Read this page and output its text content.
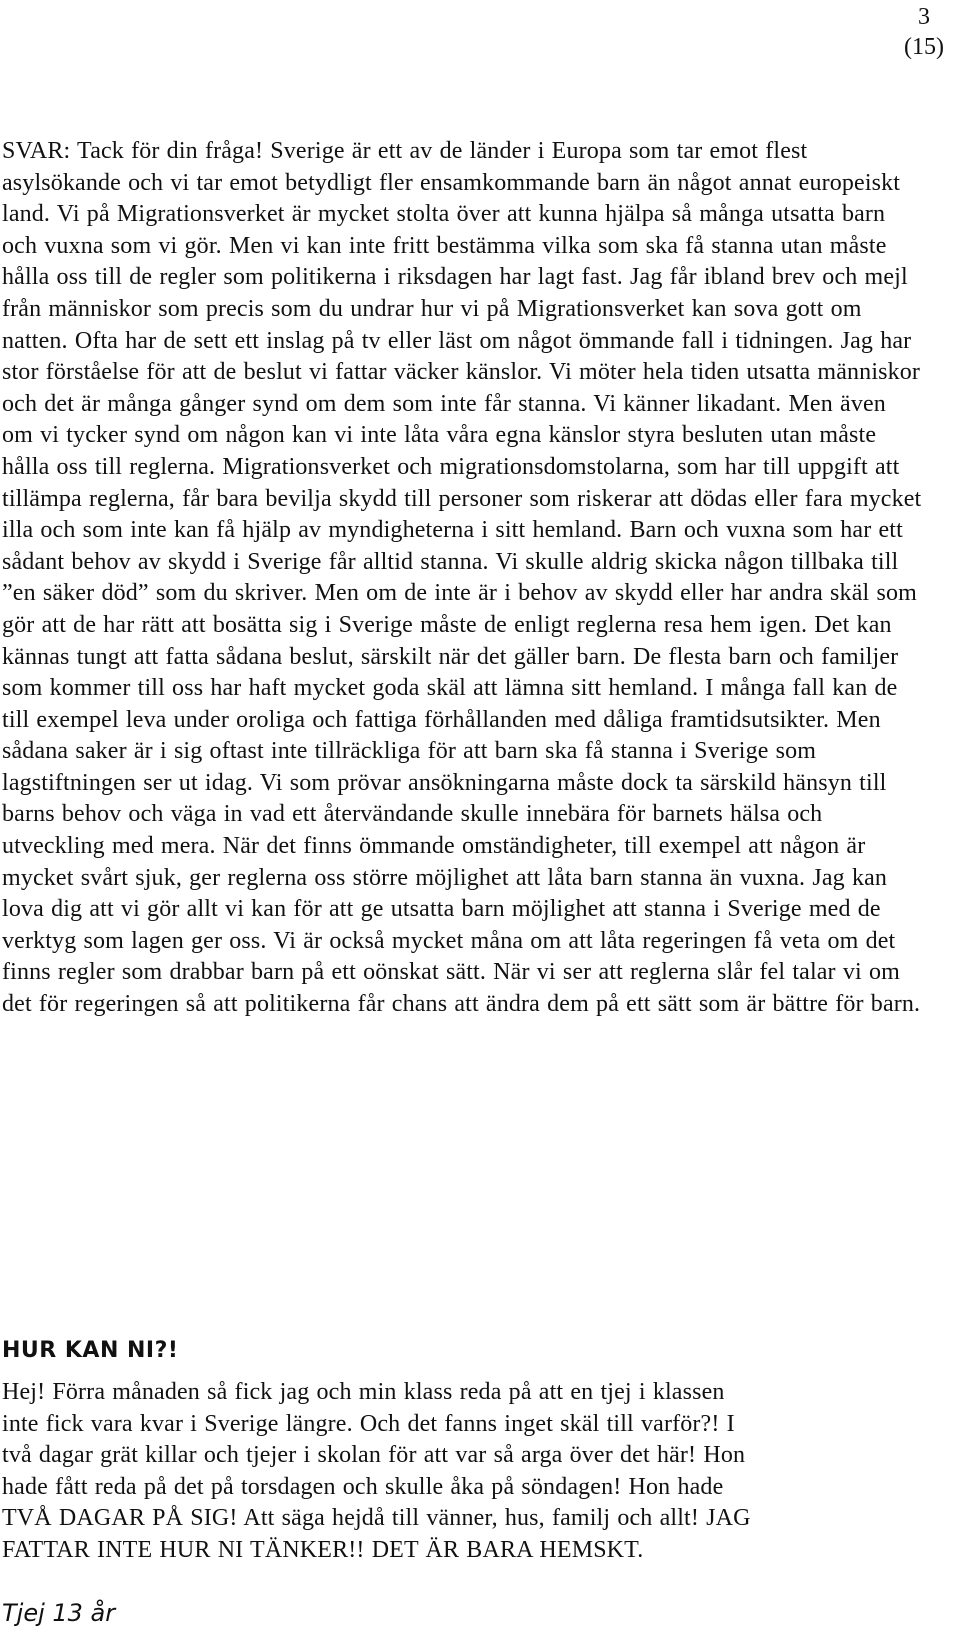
3
(15)

SVAR: Tack för din fråga! Sverige är ett av de länder i Europa som tar emot flest asylsökande och vi tar emot betydligt fler ensamkommande barn än något annat europeiskt land. Vi på Migrationsverket är mycket stolta över att kunna hjälpa så många utsatta barn och vuxna som vi gör. Men vi kan inte fritt bestämma vilka som ska få stanna utan måste hålla oss till de regler som politikerna i riksdagen har lagt fast. Jag får ibland brev och mejl från människor som precis som du undrar hur vi på Migrationsverket kan sova gott om natten. Ofta har de sett ett inslag på tv eller läst om något ömmande fall i tidningen. Jag har stor förståelse för att de beslut vi fattar väcker känslor. Vi möter hela tiden utsatta människor och det är många gånger synd om dem som inte får stanna. Vi känner likadant. Men även om vi tycker synd om någon kan vi inte låta våra egna känslor styra besluten utan måste hålla oss till reglerna. Migrationsverket och migrationsdomstolarna, som har till uppgift att tillämpa reglerna, får bara bevilja skydd till personer som riskerar att dödas eller fara mycket illa och som inte kan få hjälp av myndigheterna i sitt hemland. Barn och vuxna som har ett sådant behov av skydd i Sverige får alltid stanna. Vi skulle aldrig skicka någon tillbaka till ”en säker död” som du skriver. Men om de inte är i behov av skydd eller har andra skäl som gör att de har rätt att bosätta sig i Sverige måste de enligt reglerna resa hem igen. Det kan kännas tungt att fatta sådana beslut, särskilt när det gäller barn. De flesta barn och familjer som kommer till oss har haft mycket goda skäl att lämna sitt hemland. I många fall kan de till exempel leva under oroliga och fattiga förhållanden med dåliga framtidsutsikter. Men sådana saker är i sig oftast inte tillräckliga för att barn ska få stanna i Sverige som lagstiftningen ser ut idag. Vi som prövar ansökningarna måste dock ta särskild hänsyn till barns behov och väga in vad ett återvändande skulle innebära för barnets hälsa och utveckling med mera. När det finns ömmande omständigheter, till exempel att någon är mycket svårt sjuk, ger reglerna oss större möjlighet att låta barn stanna än vuxna. Jag kan lova dig att vi gör allt vi kan för att ge utsatta barn möjlighet att stanna i Sverige med de verktyg som lagen ger oss. Vi är också mycket måna om att låta regeringen få veta om det finns regler som drabbar barn på ett oönskat sätt. När vi ser att reglerna slår fel talar vi om det för regeringen så att politikerna får chans att ändra dem på ett sätt som är bättre för barn.

HUR KAN NI?!
Hej! Förra månaden så fick jag och min klass reda på att en tjej i klassen
inte fick vara kvar i Sverige längre. Och det fanns inget skäl till varför?! I
två dagar grät killar och tjejer i skolan för att var så arga över det här! Hon
hade fått reda på det på torsdagen och skulle åka på söndagen! Hon hade
TVÅ DAGAR PÅ SIG! Att säga hejdå till vänner, hus, familj och allt! JAG
FATTAR INTE HUR NI TÄNKER!! DET ÄR BARA HEMSKT.

Tjej 13 år
